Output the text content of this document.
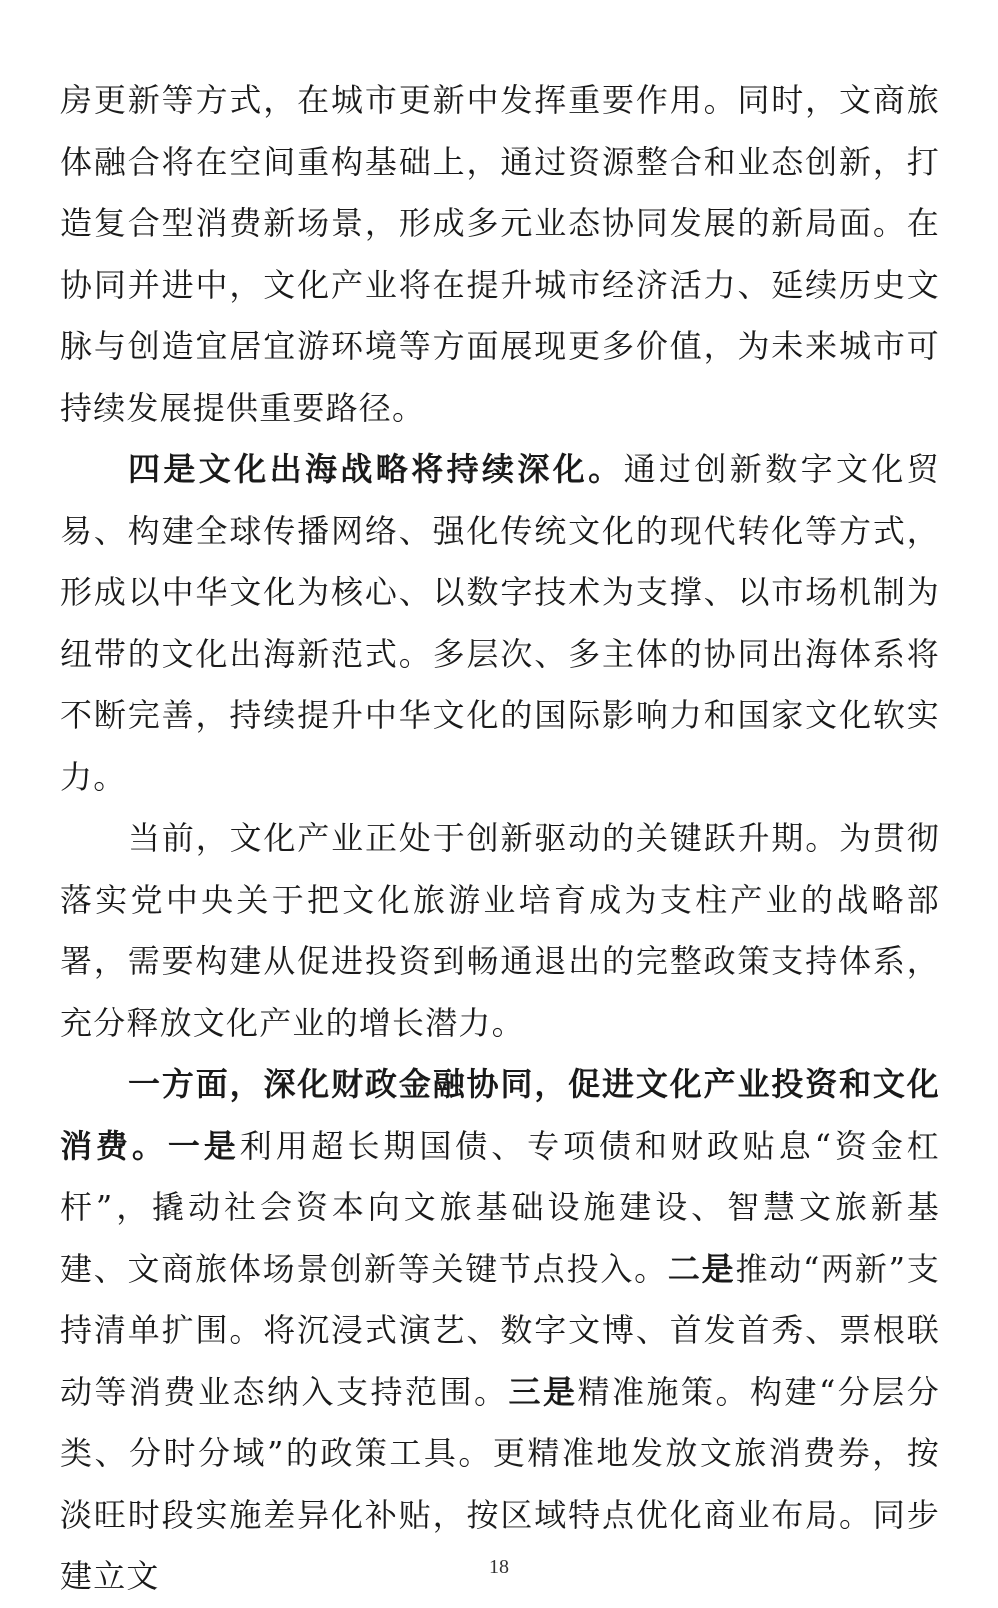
房更新等方式，在城市更新中发挥重要作用。同时，文商旅体融合将在空间重构基础上，通过资源整合和业态创新，打造复合型消费新场景，形成多元业态协同发展的新局面。在协同并进中，文化产业将在提升城市经济活力、延续历史文脉与创造宜居宜游环境等方面展现更多价值，为未来城市可持续发展提供重要路径。

四是文化出海战略将持续深化。通过创新数字文化贸易、构建全球传播网络、强化传统文化的现代转化等方式，形成以中华文化为核心、以数字技术为支撑、以市场机制为纽带的文化出海新范式。多层次、多主体的协同出海体系将不断完善，持续提升中华文化的国际影响力和国家文化软实力。

当前，文化产业正处于创新驱动的关键跃升期。为贯彻落实党中央关于把文化旅游业培育成为支柱产业的战略部署，需要构建从促进投资到畅通退出的完整政策支持体系，充分释放文化产业的增长潜力。

一方面，深化财政金融协同，促进文化产业投资和文化消费。一是利用超长期国债、专项债和财政贴息“资金杠杆”，撬动社会资本向文旅基础设施建设、智慧文旅新基建、文商旅体场景创新等关键节点投入。二是推动“两新”支持清单扩围。将沉浸式演艺、数字文博、首发首秀、票根联动等消费业态纳入支持范围。三是精准施策。构建“分层分类、分时分域”的政策工具。更精准地发放文旅消费券，按淡旺时段实施差异化补贴，按区域特点优化商业布局。同步建立文	18
